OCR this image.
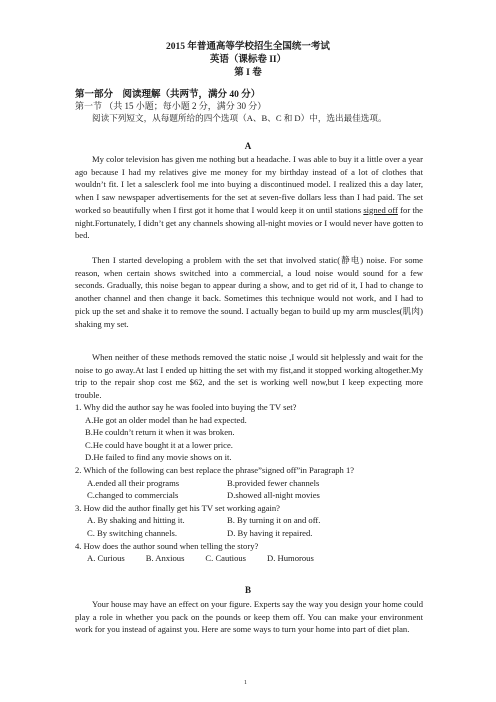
2015 年普通高等学校招生全国统一考试
英语（课标卷 II）
第 I 卷
第一部分　阅读理解（共两节，满分 40 分）
第一节 （共 15 小题；每小题 2 分，满分 30 分）
阅读下列短文，从每题所给的四个选项（A、B、C 和 D）中，选出最佳选项。
A
My color television has given me nothing but a headache. I was able to buy it a little over a year ago because I had my relatives give me money for my birthday instead of a lot of clothes that wouldn’t fit. I let a salesclerk fool me into buying a discontinued model. I realized this a day later, when I saw newspaper advertisements for the set at seven-five dollars less than I had paid. The set worked so beautifully when I first got it home that I would keep it on until stations signed off for the night.Fortunately, I didn’t get any channels showing all-night movies or I would never have gotten to bed.
Then I started developing a problem with the set that involved static(静电) noise. For some reason, when certain shows switched into a commercial, a loud noise would sound for a few seconds. Gradually, this noise began to appear during a show, and to get rid of it, I had to change to another channel and then change it back. Sometimes this technique would not work, and I had to pick up the set and shake it to remove the sound. I actually began to build up my arm muscles(肌肉) shaking my set.
When neither of these methods removed the static noise ,I would sit helplessly and wait for the noise to go away.At last I ended up hitting the set with my fist,and it stopped working altogether.My trip to the repair shop cost me $62, and the set is working well now,but I keep expecting more trouble.
1. Why did the author say he was fooled into buying the TV set?
A.He got an older model than he had expected.
B.He couldn’t return it when it was broken.
C.He could have bought it at a lower price.
D.He failed to find any movie shows on it.
2. Which of the following can best replace the phrase”signed off”in Paragraph 1?
A.ended all their programs	B.provided fewer channels
C.changed to commercials	D.showed all-night movies
3. How did the author finally get his TV set working again?
A. By shaking and hitting it.	B. By turning it on and off.
C. By switching channels.	D. By having it repaired.
4. How does the author sound when telling the story?
A. Curious B. Anxious C. Cautious D. Humorous
B
Your house may have an effect on your figure. Experts say the way you design your home could play a role in whether you pack on the pounds or keep them off. You can make your environment work for you instead of against you. Here are some ways to turn your home into part of diet plan.
1
